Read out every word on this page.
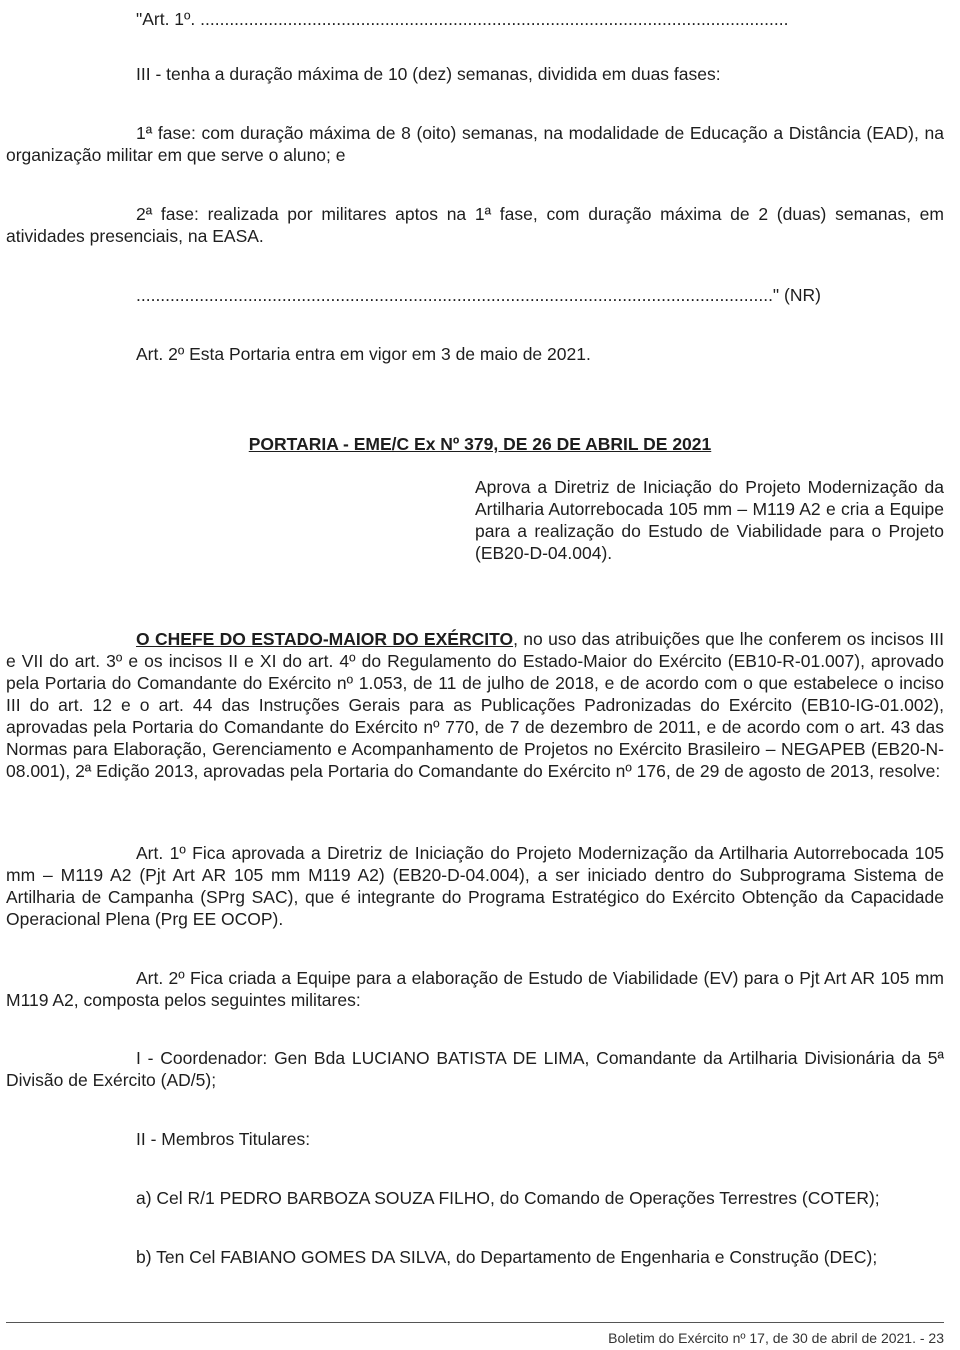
"Art. 1º. .........................................................................................................................

III - tenha a duração máxima de 10 (dez) semanas, dividida em duas fases:

1ª fase: com duração máxima de 8 (oito) semanas, na modalidade de Educação a Distância (EAD), na organização militar em que serve o aluno; e

2ª fase: realizada por militares aptos na 1ª fase, com duração máxima de 2 (duas) semanas, em atividades presenciais, na EASA.

..................................................................................................................................." (NR)

Art. 2º Esta Portaria entra em vigor em 3 de maio de 2021.

PORTARIA - EME/C Ex Nº 379, DE 26 DE ABRIL DE 2021

Aprova a Diretriz de Iniciação do Projeto Modernização da Artilharia Autorrebocada 105 mm – M119 A2 e cria a Equipe para a realização do Estudo de Viabilidade para o Projeto (EB20-D-04.004).

O CHEFE DO ESTADO-MAIOR DO EXÉRCITO, no uso das atribuições que lhe conferem os incisos III e VII do art. 3º e os incisos II e XI do art. 4º do Regulamento do Estado-Maior do Exército (EB10-R-01.007), aprovado pela Portaria do Comandante do Exército nº 1.053, de 11 de julho de 2018, e de acordo com o que estabelece o inciso III do art. 12 e o art. 44 das Instruções Gerais para as Publicações Padronizadas do Exército (EB10-IG-01.002), aprovadas pela Portaria do Comandante do Exército nº 770, de 7 de dezembro de 2011, e de acordo com o art. 43 das Normas para Elaboração, Gerenciamento e Acompanhamento de Projetos no Exército Brasileiro – NEGAPEB (EB20-N-08.001), 2ª Edição 2013, aprovadas pela Portaria do Comandante do Exército nº 176, de 29 de agosto de 2013, resolve:

Art. 1º Fica aprovada a Diretriz de Iniciação do Projeto Modernização da Artilharia Autorrebocada 105 mm – M119 A2 (Pjt Art AR 105 mm M119 A2) (EB20-D-04.004), a ser iniciado dentro do Subprograma Sistema de Artilharia de Campanha (SPrg SAC), que é integrante do Programa Estratégico do Exército Obtenção da Capacidade Operacional Plena (Prg EE OCOP).

Art. 2º Fica criada a Equipe para a elaboração de Estudo de Viabilidade (EV) para o Pjt Art AR 105 mm M119 A2, composta pelos seguintes militares:

I - Coordenador: Gen Bda LUCIANO BATISTA DE LIMA, Comandante da Artilharia Divisionária da 5ª Divisão de Exército (AD/5);

II - Membros Titulares:

a) Cel R/1 PEDRO BARBOZA SOUZA FILHO, do Comando de Operações Terrestres (COTER);

b) Ten Cel FABIANO GOMES DA SILVA, do Departamento de Engenharia e Construção (DEC);

Boletim do Exército nº 17, de 30 de abril de 2021. - 23
